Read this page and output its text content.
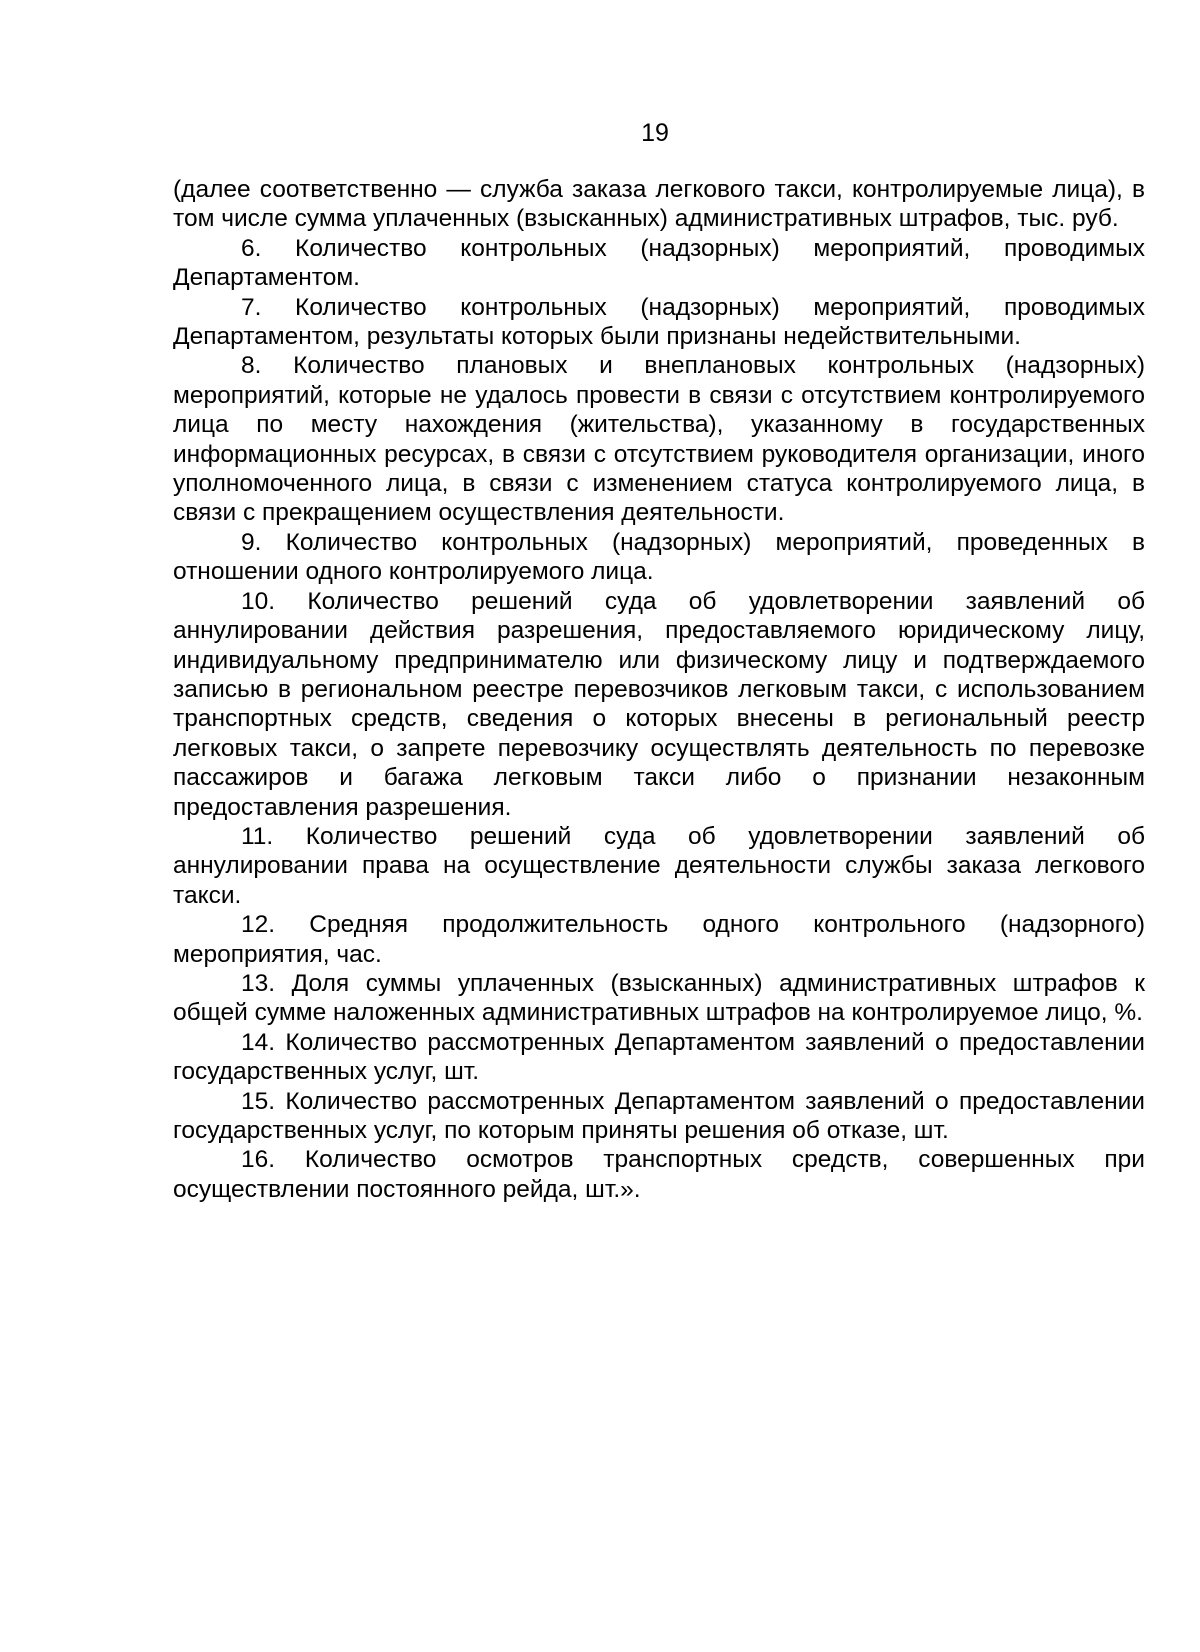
19

(далее соответственно — служба заказа легкового такси, контролируемые лица), в том числе сумма уплаченных (взысканных) административных штрафов, тыс. руб.

6. Количество контрольных (надзорных) мероприятий, проводимых Департаментом.

7. Количество контрольных (надзорных) мероприятий, проводимых Департаментом, результаты которых были признаны недействительными.

8. Количество плановых и внеплановых контрольных (надзорных) мероприятий, которые не удалось провести в связи с отсутствием контролируемого лица по месту нахождения (жительства), указанному в государственных информационных ресурсах, в связи с отсутствием руководителя организации, иного уполномоченного лица, в связи с изменением статуса контролируемого лица, в связи с прекращением осуществления деятельности.

9. Количество контрольных (надзорных) мероприятий, проведенных в отношении одного контролируемого лица.

10. Количество решений суда об удовлетворении заявлений об аннулировании действия разрешения, предоставляемого юридическому лицу, индивидуальному предпринимателю или физическому лицу и подтверждаемого записью в региональном реестре перевозчиков легковым такси, с использованием транспортных средств, сведения о которых внесены в региональный реестр легковых такси, о запрете перевозчику осуществлять деятельность по перевозке пассажиров и багажа легковым такси либо о признании незаконным предоставления разрешения.

11. Количество решений суда об удовлетворении заявлений об аннулировании права на осуществление деятельности службы заказа легкового такси.

12. Средняя продолжительность одного контрольного (надзорного) мероприятия, час.

13. Доля суммы уплаченных (взысканных) административных штрафов к общей сумме наложенных административных штрафов на контролируемое лицо, %.

14. Количество рассмотренных Департаментом заявлений о предоставлении государственных услуг, шт.

15. Количество рассмотренных Департаментом заявлений о предоставлении государственных услуг, по которым приняты решения об отказе, шт.

16. Количество осмотров транспортных средств, совершенных при осуществлении постоянного рейда, шт.».
